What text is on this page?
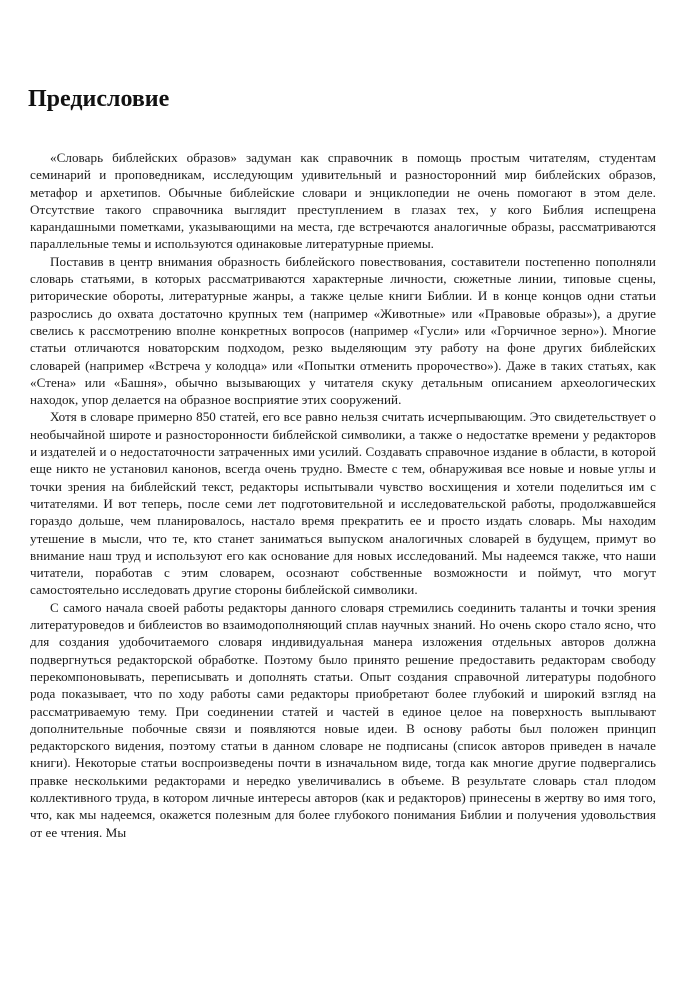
Предисловие

«Словарь библейских образов» задуман как справочник в помощь простым читателям, студентам семинарий и проповедникам, исследующим удивительный и разносторонний мир библейских образов, метафор и архетипов. Обычные библейские словари и энциклопедии не очень помогают в этом деле. Отсутствие такого справочника выглядит преступлением в глазах тех, у кого Библия испещрена карандашными пометками, указывающими на места, где встречаются аналогичные образы, рассматриваются параллельные темы и используются одинаковые литературные приемы.

Поставив в центр внимания образность библейского повествования, составители постепенно пополняли словарь статьями, в которых рассматриваются характерные личности, сюжетные линии, типовые сцены, риторические обороты, литературные жанры, а также целые книги Библии. И в конце концов одни статьи разрослись до охвата достаточно крупных тем (например «Животные» или «Правовые образы»), а другие свелись к рассмотрению вполне конкретных вопросов (например «Гусли» или «Горчичное зерно»). Многие статьи отличаются новаторским подходом, резко выделяющим эту работу на фоне других библейских словарей (например «Встреча у колодца» или «Попытки отменить пророчество»). Даже в таких статьях, как «Стена» или «Башня», обычно вызывающих у читателя скуку детальным описанием археологических находок, упор делается на образное восприятие этих сооружений.

Хотя в словаре примерно 850 статей, его все равно нельзя считать исчерпывающим. Это свидетельствует о необычайной широте и разносторонности библейской символики, а также о недостатке времени у редакторов и издателей и о недостаточности затраченных ими усилий. Создавать справочное издание в области, в которой еще никто не установил канонов, всегда очень трудно. Вместе с тем, обнаруживая все новые и новые углы и точки зрения на библейский текст, редакторы испытывали чувство восхищения и хотели поделиться им с читателями. И вот теперь, после семи лет подготовительной и исследовательской работы, продолжавшейся гораздо дольше, чем планировалось, настало время прекратить ее и просто издать словарь. Мы находим утешение в мысли, что те, кто станет заниматься выпуском аналогичных словарей в будущем, примут во внимание наш труд и используют его как основание для новых исследований. Мы надеемся также, что наши читатели, поработав с этим словарем, осознают собственные возможности и поймут, что могут самостоятельно исследовать другие стороны библейской символики.

С самого начала своей работы редакторы данного словаря стремились соединить таланты и точки зрения литературоведов и библеистов во взаимодополняющий сплав научных знаний. Но очень скоро стало ясно, что для создания удобочитаемого словаря индивидуальная манера изложения отдельных авторов должна подвергнуться редакторской обработке. Поэтому было принято решение предоставить редакторам свободу перекомпоновывать, переписывать и дополнять статьи. Опыт создания справочной литературы подобного рода показывает, что по ходу работы сами редакторы приобретают более глубокий и широкий взгляд на рассматриваемую тему. При соединении статей и частей в единое целое на поверхность выплывают дополнительные побочные связи и появляются новые идеи. В основу работы был положен принцип редакторского видения, поэтому статьи в данном словаре не подписаны (список авторов приведен в начале книги). Некоторые статьи воспроизведены почти в изначальном виде, тогда как многие другие подвергались правке несколькими редакторами и нередко увеличивались в объеме. В результате словарь стал плодом коллективного труда, в котором личные интересы авторов (как и редакторов) принесены в жертву во имя того, что, как мы надеемся, окажется полезным для более глубокого понимания Библии и получения удовольствия от ее чтения. Мы
